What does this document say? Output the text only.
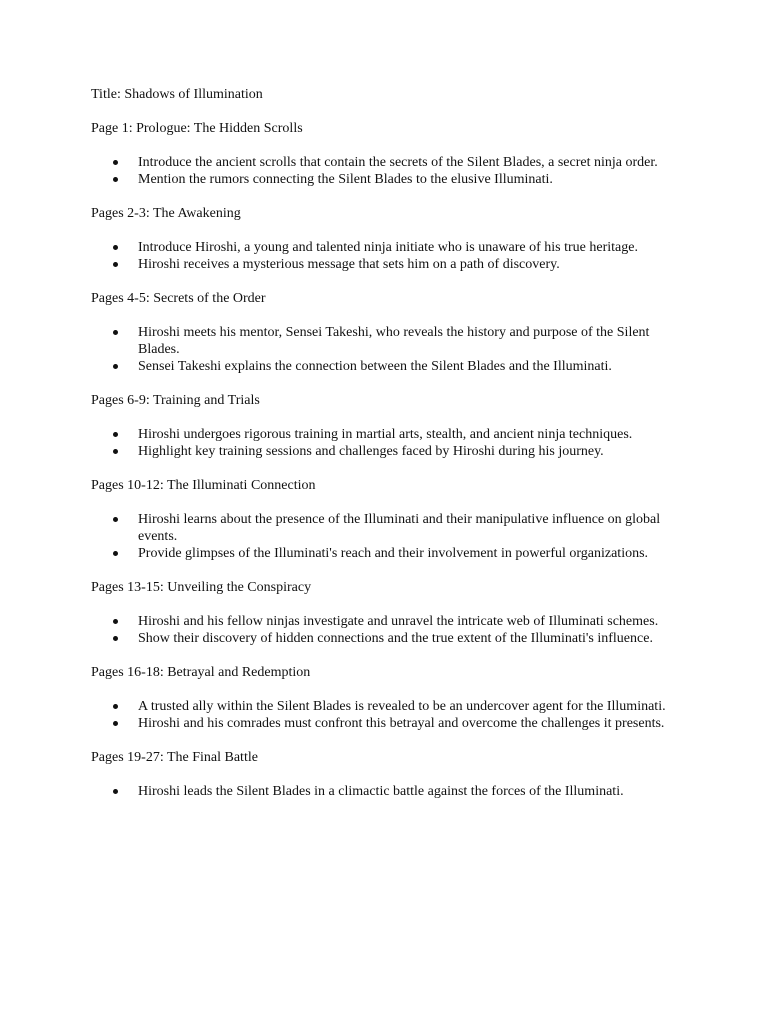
Title: Shadows of Illumination

Page 1: Prologue: The Hidden Scrolls

Introduce the ancient scrolls that contain the secrets of the Silent Blades, a secret ninja order.
Mention the rumors connecting the Silent Blades to the elusive Illuminati.

Pages 2-3: The Awakening

Introduce Hiroshi, a young and talented ninja initiate who is unaware of his true heritage.
Hiroshi receives a mysterious message that sets him on a path of discovery.

Pages 4-5: Secrets of the Order

Hiroshi meets his mentor, Sensei Takeshi, who reveals the history and purpose of the Silent Blades.
Sensei Takeshi explains the connection between the Silent Blades and the Illuminati.

Pages 6-9: Training and Trials

Hiroshi undergoes rigorous training in martial arts, stealth, and ancient ninja techniques.
Highlight key training sessions and challenges faced by Hiroshi during his journey.

Pages 10-12: The Illuminati Connection

Hiroshi learns about the presence of the Illuminati and their manipulative influence on global events.
Provide glimpses of the Illuminati's reach and their involvement in powerful organizations.

Pages 13-15: Unveiling the Conspiracy

Hiroshi and his fellow ninjas investigate and unravel the intricate web of Illuminati schemes.
Show their discovery of hidden connections and the true extent of the Illuminati's influence.

Pages 16-18: Betrayal and Redemption

A trusted ally within the Silent Blades is revealed to be an undercover agent for the Illuminati.
Hiroshi and his comrades must confront this betrayal and overcome the challenges it presents.

Pages 19-27: The Final Battle

Hiroshi leads the Silent Blades in a climactic battle against the forces of the Illuminati.
